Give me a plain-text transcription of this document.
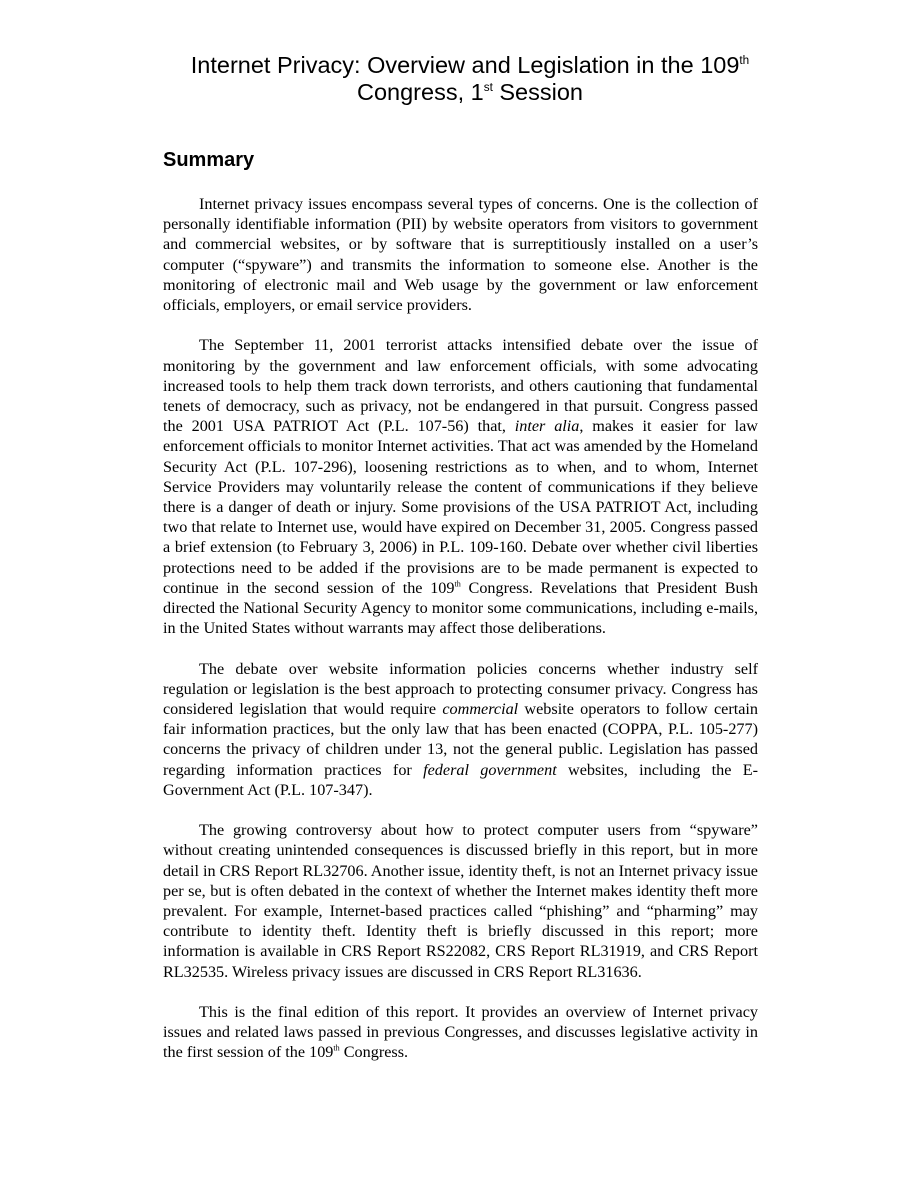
Internet Privacy: Overview and Legislation in the 109th
Congress, 1st Session
Summary

Internet privacy issues encompass several types of concerns. One is the collection of personally identifiable information (PII) by website operators from visitors to government and commercial websites, or by software that is surreptitiously installed on a user’s computer (“spyware”) and transmits the information to someone else. Another is the monitoring of electronic mail and Web usage by the government or law enforcement officials, employers, or email service providers.

The September 11, 2001 terrorist attacks intensified debate over the issue of monitoring by the government and law enforcement officials, with some advocating increased tools to help them track down terrorists, and others cautioning that fundamental tenets of democracy, such as privacy, not be endangered in that pursuit. Congress passed the 2001 USA PATRIOT Act (P.L. 107-56) that, inter alia, makes it easier for law enforcement officials to monitor Internet activities. That act was amended by the Homeland Security Act (P.L. 107-296), loosening restrictions as to when, and to whom, Internet Service Providers may voluntarily release the content of communications if they believe there is a danger of death or injury. Some provisions of the USA PATRIOT Act, including two that relate to Internet use, would have expired on December 31, 2005. Congress passed a brief extension (to February 3, 2006) in P.L. 109-160. Debate over whether civil liberties protections need to be added if the provisions are to be made permanent is expected to continue in the second session of the 109th Congress. Revelations that President Bush directed the National Security Agency to monitor some communications, including e-mails, in the United States without warrants may affect those deliberations.

The debate over website information policies concerns whether industry self regulation or legislation is the best approach to protecting consumer privacy. Congress has considered legislation that would require commercial website operators to follow certain fair information practices, but the only law that has been enacted (COPPA, P.L. 105-277) concerns the privacy of children under 13, not the general public. Legislation has passed regarding information practices for federal government websites, including the E-Government Act (P.L. 107-347).

The growing controversy about how to protect computer users from “spyware” without creating unintended consequences is discussed briefly in this report, but in more detail in CRS Report RL32706. Another issue, identity theft, is not an Internet privacy issue per se, but is often debated in the context of whether the Internet makes identity theft more prevalent. For example, Internet-based practices called “phishing” and “pharming” may contribute to identity theft. Identity theft is briefly discussed in this report; more information is available in CRS Report RS22082, CRS Report RL31919, and CRS Report RL32535. Wireless privacy issues are discussed in CRS Report RL31636.

This is the final edition of this report. It provides an overview of Internet privacy issues and related laws passed in previous Congresses, and discusses legislative activity in the first session of the 109th Congress.
